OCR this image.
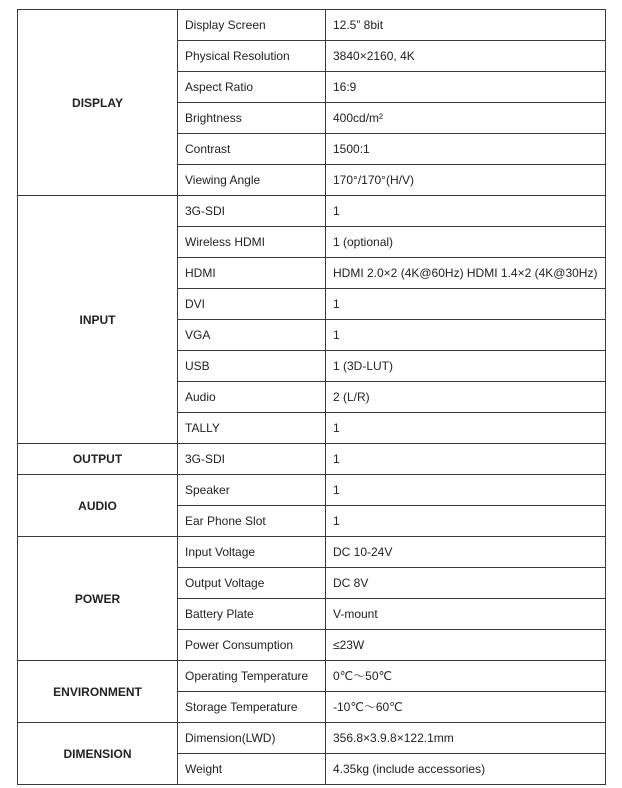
DISPLAY	Display Screen	12.5” 8bit
	Physical Resolution	3840×2160, 4K
	Aspect Ratio	16:9
	Brightness	400cd/m²
	Contrast	1500:1
	Viewing Angle	170°/170°(H/V)
INPUT	3G-SDI	1
	Wireless HDMI	1 (optional)
	HDMI	HDMI 2.0×2 (4K@60Hz) HDMI 1.4×2 (4K@30Hz)
	DVI	1
	VGA	1
	USB	1 (3D-LUT)
	Audio	2 (L/R)
	TALLY	1
OUTPUT	3G-SDI	1
AUDIO	Speaker	1
	Ear Phone Slot	1
POWER	Input Voltage	DC 10-24V
	Output Voltage	DC 8V
	Battery Plate	V-mount
	Power Consumption	≤23W
ENVIRONMENT	Operating Temperature	0℃～50℃
	Storage Temperature	-10℃～60℃
DIMENSION	Dimension(LWD)	356.8×3.9.8×122.1mm
	Weight	4.35kg (include accessories)
